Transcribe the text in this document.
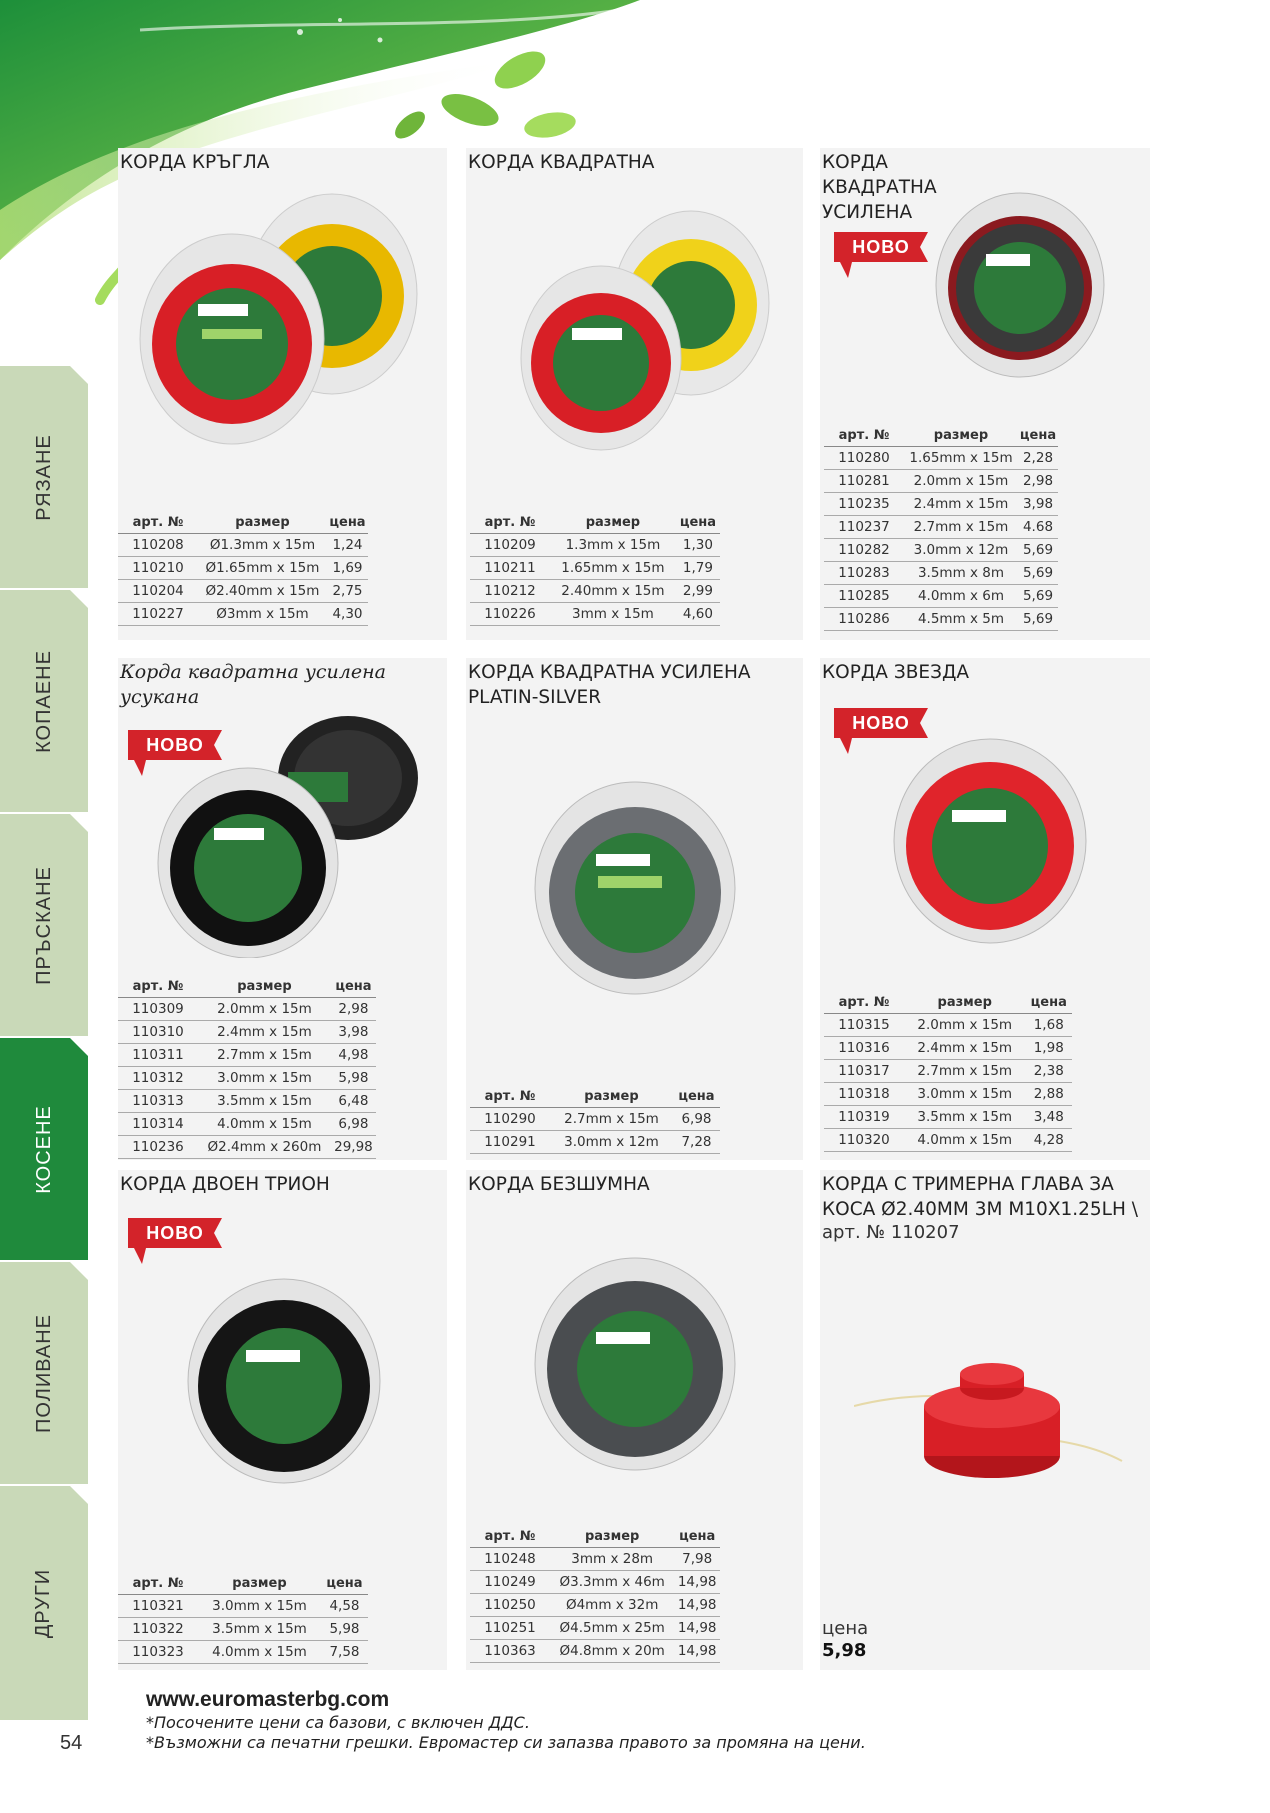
РЯЗАНЕ
КОПАЕНЕ
ПРЪСКАНЕ
КОСЕНЕ
ПОЛИВАНЕ
ДРУГИ
КОРДА КРЪГЛА
арт. №	размер	цена
110208	Ø1.3mm x 15m	1,24
110210	Ø1.65mm x 15m	1,69
110204	Ø2.40mm x 15m	2,75
110227	Ø3mm x 15m	4,30
КОРДА КВАДРАТНА
арт. №	размер	цена
110209	1.3mm x 15m	1,30
110211	1.65mm x 15m	1,79
110212	2.40mm x 15m	2,99
110226	3mm x 15m	4,60
КОРДА КВАДРАТНА УСИЛЕНА
НОВО
арт. №	размер	цена
110280	1.65mm x 15m	2,28
110281	2.0mm x 15m	2,98
110235	2.4mm x 15m	3,98
110237	2.7mm x 15m	4.68
110282	3.0mm x 12m	5,69
110283	3.5mm x 8m	5,69
110285	4.0mm x 6m	5,69
110286	4.5mm x 5m	5,69
Корда квадратна усилена усукана
НОВО
арт. №	размер	цена
110309	2.0mm x 15m	2,98
110310	2.4mm x 15m	3,98
110311	2.7mm x 15m	4,98
110312	3.0mm x 15m	5,98
110313	3.5mm x 15m	6,48
110314	4.0mm x 15m	6,98
110236	Ø2.4mm x 260m	29,98
КОРДА КВАДРАТНА УСИЛЕНА PLATIN-SILVER
арт. №	размер	цена
110290	2.7mm x 15m	6,98
110291	3.0mm x 12m	7,28
КОРДА ЗВЕЗДА
НОВО
арт. №	размер	цена
110315	2.0mm x 15m	1,68
110316	2.4mm x 15m	1,98
110317	2.7mm x 15m	2,38
110318	3.0mm x 15m	2,88
110319	3.5mm x 15m	3,48
110320	4.0mm x 15m	4,28
КОРДА ДВОЕН ТРИОН
НОВО
арт. №	размер	цена
110321	3.0mm x 15m	4,58
110322	3.5mm x 15m	5,98
110323	4.0mm x 15m	7,58
КОРДА БЕЗШУМНА
арт. №	размер	цена
110248	3mm x 28m	7,98
110249	Ø3.3mm x 46m	14,98
110250	Ø4mm x 32m	14,98
110251	Ø4.5mm x 25m	14,98
110363	Ø4.8mm x 20m	14,98
КОРДА С ТРИМЕРНА ГЛАВА ЗА КОСА Ø2.40ММ 3М M10X1.25LH \
арт. № 110207
цена
5,98
www.euromasterbg.com
*Посочените цени са базови, с включен ДДС.
*Възможни са печатни грешки. Евромастер си запазва правото за промяна на цени.
54
